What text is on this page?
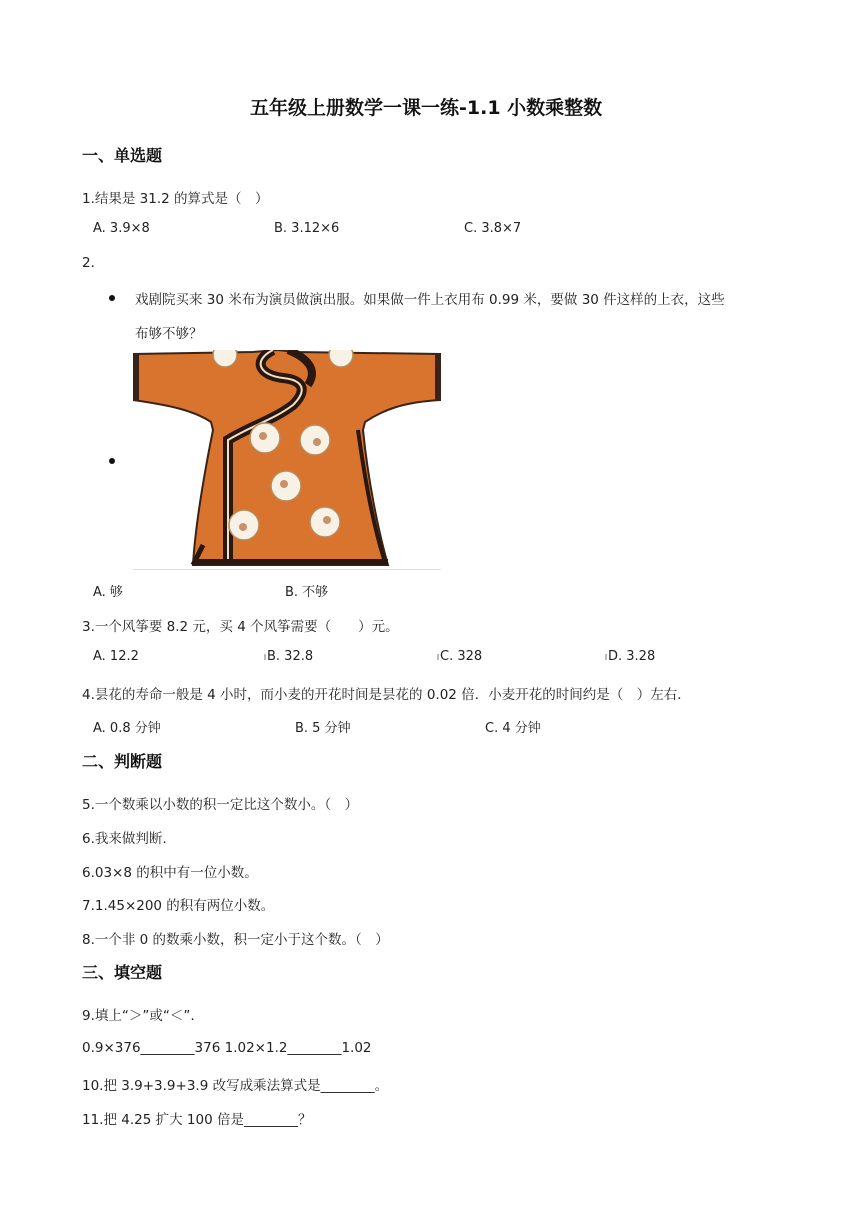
五年级上册数学一课一练-1.1 小数乘整数
一、单选题
1.结果是 31.2 的算式是（　）
A. 3.9×8	B. 3.12×6	C. 3.8×7
2.
戏剧院买来 30 米布为演员做演出服。如果做一件上衣用布 0.99 米，要做 30 件这样的上衣，这些
布够不够？
A. 够	B. 不够
3.一个风筝要 8.2 元，买 4 个风筝需要（　　）元。
A. 12.2	B. 32.8	C. 328	D. 3.28
4.昙花的寿命一般是 4 小时，而小麦的开花时间是昙花的 0.02 倍．小麦开花的时间约是（　）左右．
A. 0.8 分钟	B. 5 分钟	C. 4 分钟
二、判断题
5.一个数乘以小数的积一定比这个数小。（　）
6.我来做判断.
6.03×8 的积中有一位小数。
7.1.45×200 的积有两位小数。
8.一个非 0 的数乘小数，积一定小于这个数。（　）
三、填空题
9.填上“＞”或“＜”.
0.9×376________376 1.02×1.2________1.02
10.把 3.9+3.9+3.9 改写成乘法算式是________。
11.把 4.25 扩大 100 倍是________？
